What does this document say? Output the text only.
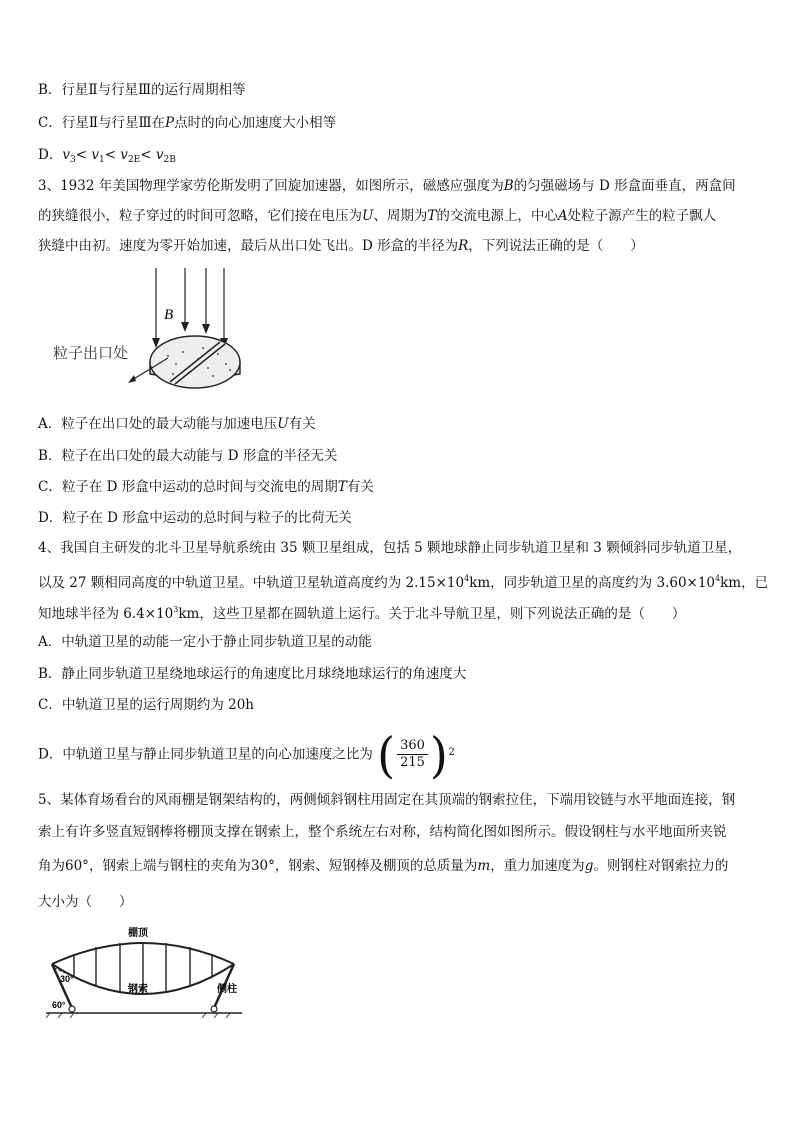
B．行星Ⅱ与行星Ⅲ的运行周期相等
C．行星Ⅱ与行星Ⅲ在P点时的向心加速度大小相等
D．$v_3< v_1< v_{2E}< v_{2B}$
3、1932 年美国物理学家劳伦斯发明了回旋加速器，如图所示，磁感应强度为B的匀强磁场与 D 形盒面垂直，两盒间
的狭缝很小，粒子穿过的时间可忽略，它们接在电压为U、周期为T的交流电源上，中心A处粒子源产生的粒子飘人
狭缝中由初。速度为零开始加速，最后从出口处飞出。D 形盒的半径为R，下列说法正确的是（　　）
B
粒子出口处
A．粒子在出口处的最大动能与加速电压U有关
B．粒子在出口处的最大动能与 D 形盒的半径无关
C．粒子在 D 形盒中运动的总时间与交流电的周期T有关
D．粒子在 D 形盒中运动的总时间与粒子的比荷无关
4、我国自主研发的北斗卫星导航系统由 35 颗卫星组成，包括 5 颗地球静止同步轨道卫星和 3 颗倾斜同步轨道卫星，
以及 27 颗相同高度的中轨道卫星。中轨道卫星轨道高度约为 $2.15\times 10^4km$，同步轨道卫星的高度约为 $3.60\times 10^4km$，已
知地球半径为 $6.4\times 10^3km$，这些卫星都在圆轨道上运行。关于北斗导航卫星，则下列说法正确的是（　　）
A．中轨道卫星的动能一定小于静止同步轨道卫星的动能
B．静止同步轨道卫星绕地球运行的角速度比月球绕地球运行的角速度大
C．中轨道卫星的运行周期约为 20h
D．中轨道卫星与静止同步轨道卫星的向心加速度之比为 ( $\frac{360}{215}$ ) 2
5、某体育场看台的风雨棚是钢架结构的，两侧倾斜钢柱用固定在其顶端的钢索拉住，下端用铰链与水平地面连接，钢
索上有许多竖直短钢棒将棚顶支撑在钢索上，整个系统左右对称，结构简化图如图所示。假设钢柱与水平地面所夹锐
角为60°，钢索上端与钢柱的夹角为30°，钢索、短钢棒及棚顶的总质量为m，重力加速度为g。则钢柱对钢索拉力的
大小为（　　）
棚顶
钢索	侧柱
30°
60°
